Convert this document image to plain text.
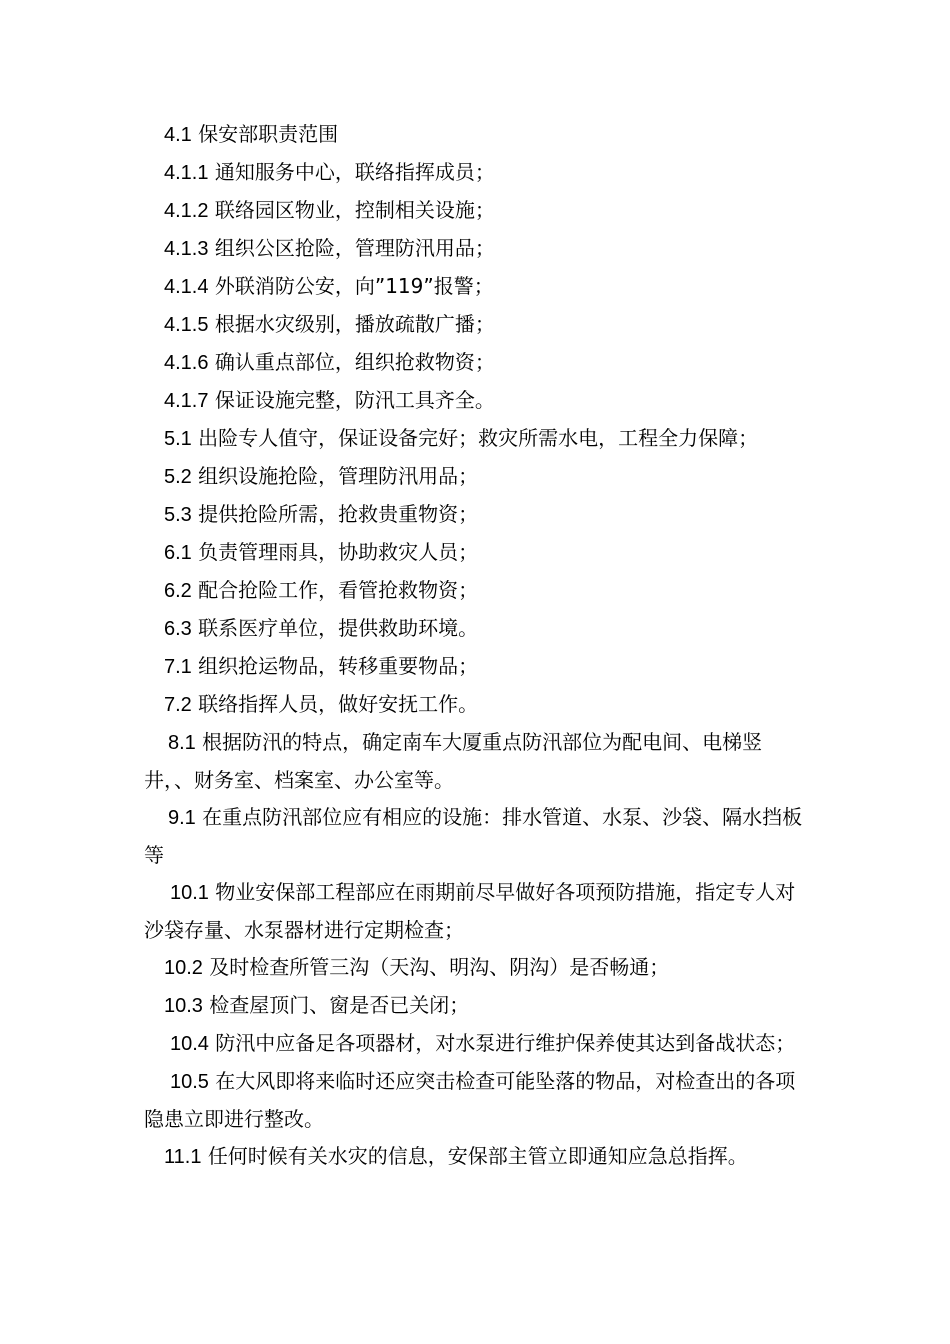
4.1 保安部职责范围

4.1.1 通知服务中心，联络指挥成员；

4.1.2 联络园区物业，控制相关设施；

4.1.3 组织公区抢险，管理防汛用品；

4.1.4 外联消防公安，向”119”报警；

4.1.5 根据水灾级别，播放疏散广播；

4.1.6 确认重点部位，组织抢救物资；

4.1.7 保证设施完整，防汛工具齐全。

5.1 出险专人值守，保证设备完好；救灾所需水电，工程全力保障；

5.2 组织设施抢险，管理防汛用品；

5.3 提供抢险所需，抢救贵重物资；

6.1 负责管理雨具，协助救灾人员；

6.2 配合抢险工作，看管抢救物资；

6.3 联系医疗单位，提供救助环境。

7.1 组织抢运物品，转移重要物品；

7.2 联络指挥人员，做好安抚工作。

8.1 根据防汛的特点，确定南车大厦重点防汛部位为配电间、电梯竖井，、财务室、档案室、办公室等。

9.1 在重点防汛部位应有相应的设施：排水管道、水泵、沙袋、隔水挡板等

10.1 物业安保部工程部应在雨期前尽早做好各项预防措施，指定专人对沙袋存量、水泵器材进行定期检查；

10.2 及时检查所管三沟（天沟、明沟、阴沟）是否畅通；

10.3 检查屋顶门、窗是否已关闭；

10.4 防汛中应备足各项器材，对水泵进行维护保养使其达到备战状态；

10.5 在大风即将来临时还应突击检查可能坠落的物品，对检查出的各项隐患立即进行整改。

11.1 任何时候有关水灾的信息，安保部主管立即通知应急总指挥。
